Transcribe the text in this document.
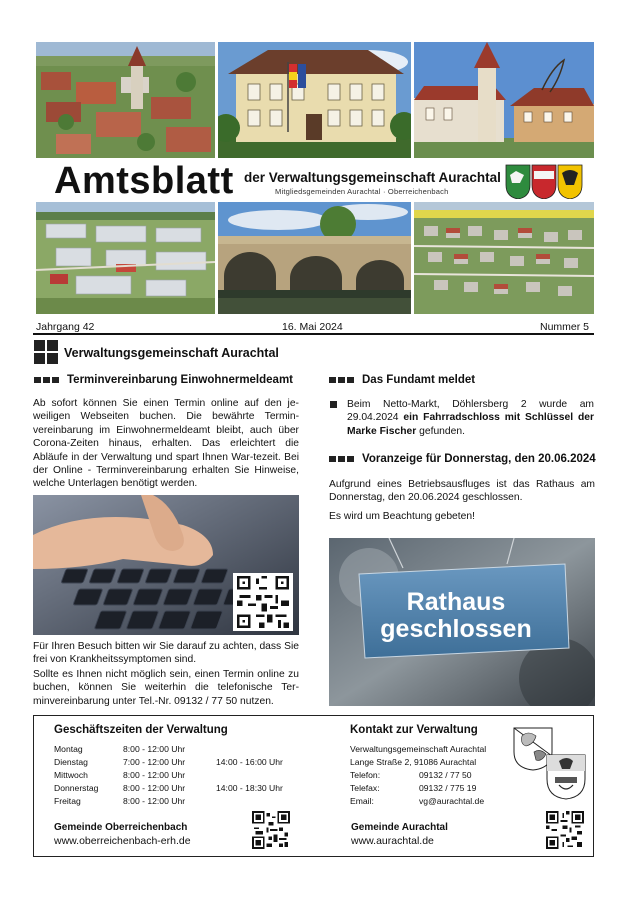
Amtsblatt der Verwaltungsgemeinschaft Aurachtal
Mitgliedsgemeinden Aurachtal · Oberreichenbach
Jahrgang 42	16. Mai 2024	Nummer 5
Verwaltungsgemeinschaft Aurachtal
Terminvereinbarung Einwohnermeldeamt
Ab sofort können Sie einen Termin online auf den je-weiligen Webseiten buchen. Die bewährte Termin-vereinbarung im Einwohnermeldeamt bleibt, auch über Corona-Zeiten hinaus, erhalten. Das erleichtert die Abläufe in der Verwaltung und spart Ihnen War-tezeit. Bei der Online - Terminvereinbarung erhalten Sie Hinweise, welche Unterlagen benötigt werden.
Für Ihren Besuch bitten wir Sie darauf zu achten, dass Sie frei von Krankheitssymptomen sind.
Sollte es Ihnen nicht möglich sein, einen Termin online zu buchen, können Sie weiterhin die telefonische Ter-minvereinbarung unter Tel.-Nr. 09132 / 77 50 nutzen.
Das Fundamt meldet
Beim Netto-Markt, Döhlersberg 2 wurde am 29.04.2024 ein Fahrradschloss mit Schlüssel der Marke Fischer gefunden.
Voranzeige für Donnerstag, den 20.06.2024
Aufgrund eines Betriebsausfluges ist das Rathaus am Donnerstag, den 20.06.2024 geschlossen.
Es wird um Beachtung gebeten!
Rathaus
geschlossen
Geschäftszeiten der Verwaltung
Montag	8:00 - 12:00 Uhr
Dienstag	7:00 - 12:00 Uhr	14:00 - 16:00 Uhr
Mittwoch	8:00 - 12:00 Uhr
Donnerstag	8:00 - 12:00 Uhr	14:00 - 18:30 Uhr
Freitag	8:00 - 12:00 Uhr
Kontakt zur Verwaltung
Verwaltungsgemeinschaft Aurachtal
Lange Straße 2, 91086 Aurachtal
Telefon:	09132 / 77 50
Telefax:	09132 / 775 19
Email:	vg@aurachtal.de
Gemeinde Oberreichenbach
www.oberreichenbach-erh.de
Gemeinde Aurachtal
www.aurachtal.de
